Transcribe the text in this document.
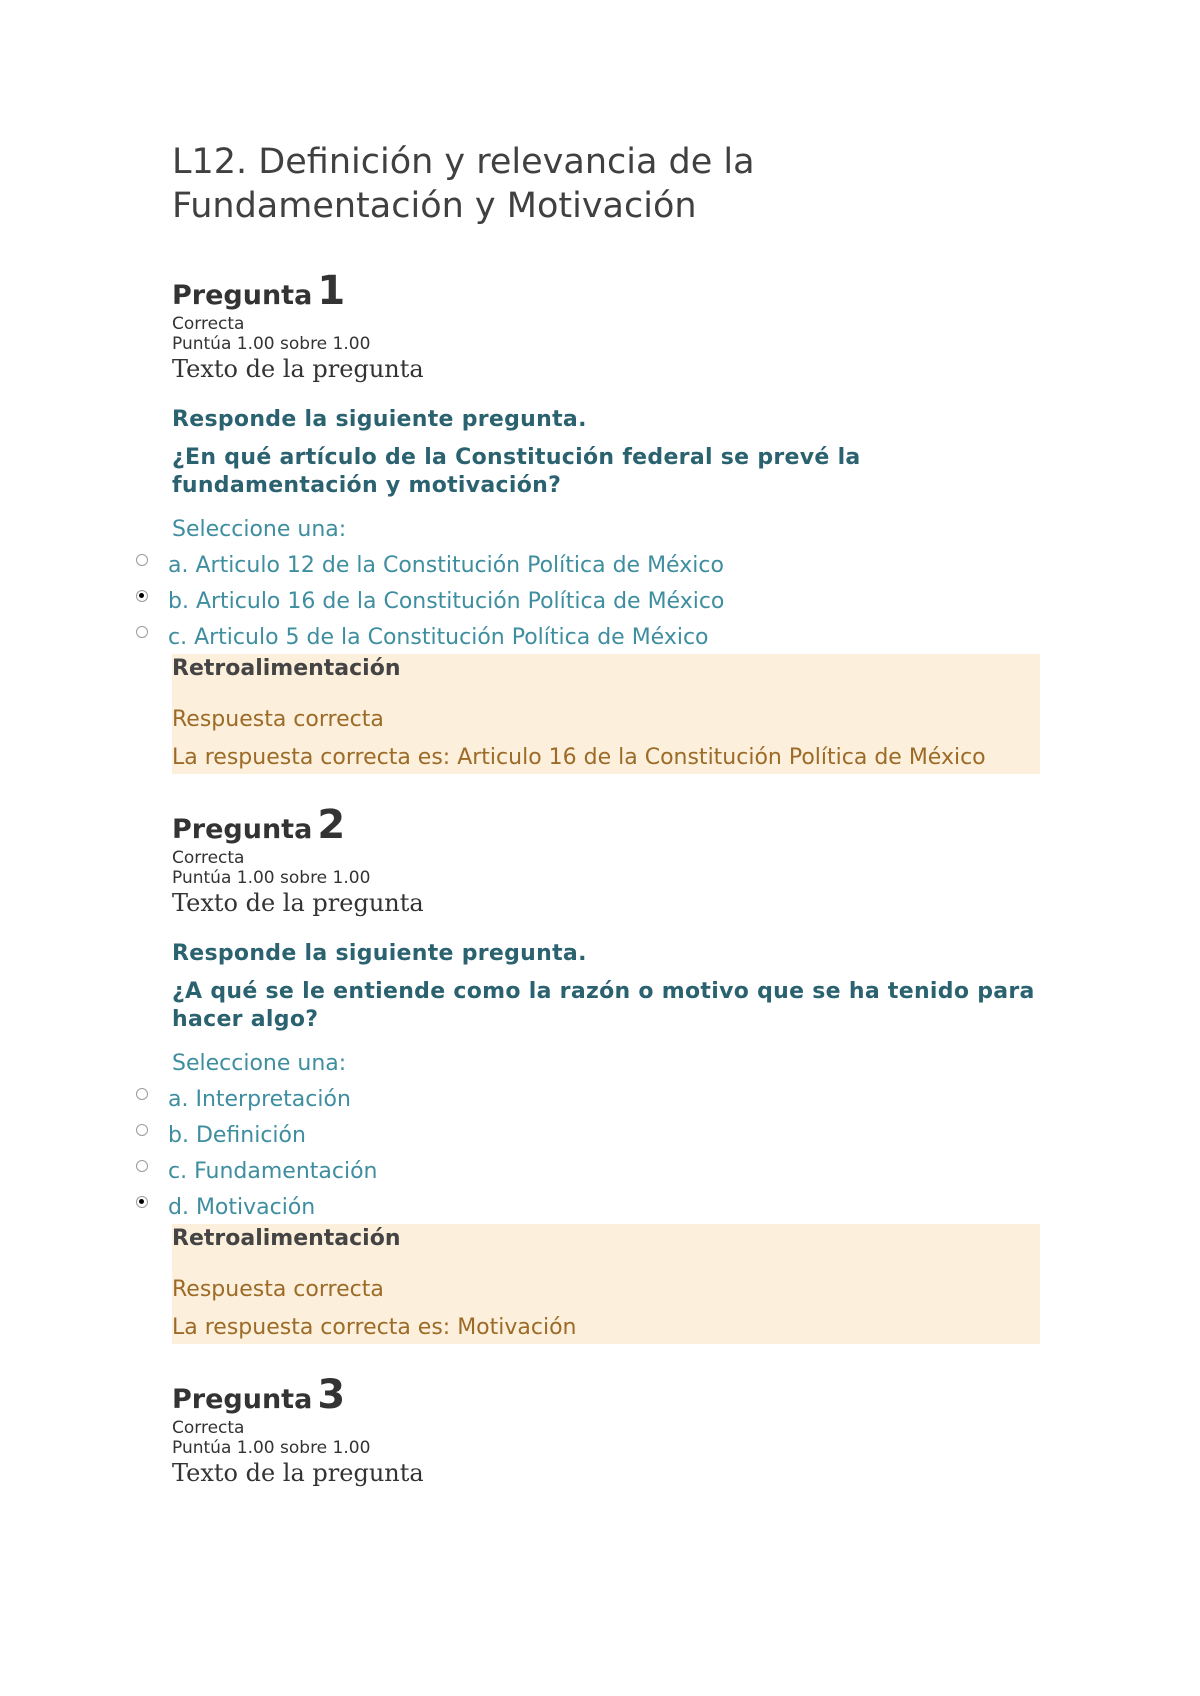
L12. Definición y relevancia de la
Fundamentación y Motivación
Pregunta 1
Correcta
Puntúa 1.00 sobre 1.00
Texto de la pregunta
Responde la siguiente pregunta.
¿En qué artículo de la Constitución federal se prevé la fundamentación y motivación?
Seleccione una:
a. Articulo 12 de la Constitución Política de México
b. Articulo 16 de la Constitución Política de México
c. Articulo 5 de la Constitución Política de México
Retroalimentación
Respuesta correcta
La respuesta correcta es: Articulo 16 de la Constitución Política de México
Pregunta 2
Correcta
Puntúa 1.00 sobre 1.00
Texto de la pregunta
Responde la siguiente pregunta.
¿A qué se le entiende como la razón o motivo que se ha tenido para hacer algo?
Seleccione una:
a. Interpretación
b. Definición
c. Fundamentación
d. Motivación
Retroalimentación
Respuesta correcta
La respuesta correcta es: Motivación
Pregunta 3
Correcta
Puntúa 1.00 sobre 1.00
Texto de la pregunta
